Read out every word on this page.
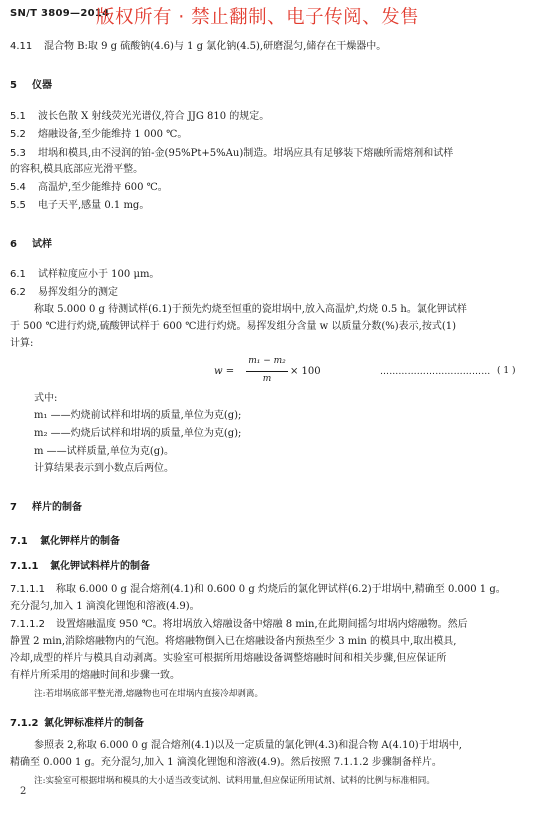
SN/T 3809—2014
版权所有 · 禁止翻制、电子传阅、发售
4.11 混合物 B:取 9 g 硫酸钠(4.6)与 1 g 氯化钠(4.5),研磨混匀,储存在干燥器中。
5 仪器
5.1 波长色散 X 射线荧光光谱仪,符合 JJG 810 的规定。
5.2 熔融设备,至少能维持 1 000 ℃。
5.3 坩埚和模具,由不浸润的铂-金(95%Pt+5%Au)制造。坩埚应具有足够装下熔融所需熔剂和试样
的容积,模具底部应光滑平整。
5.4 高温炉,至少能维持 600 ℃。
5.5 电子天平,感量 0.1 mg。
6 试样
6.1 试样粒度应小于 100 μm。
6.2 易挥发组分的测定
称取 5.000 0 g 待测试样(6.1)于预先灼烧至恒重的瓷坩埚中,放入高温炉,灼烧 0.5 h。氯化钾试样
于 500 ℃进行灼烧,硫酸钾试样于 600 ℃进行灼烧。易挥发组分含量 w 以质量分数(%)表示,按式(1)
计算:
w =
m₁ − m₂
m
× 100	……………………………… ( 1 )
式中:
m₁ ——灼烧前试样和坩埚的质量,单位为克(g);
m₂ ——灼烧后试样和坩埚的质量,单位为克(g);
m ——试样质量,单位为克(g)。
计算结果表示到小数点后两位。
7 样片的制备
7.1 氯化钾样片的制备
7.1.1 氯化钾试料样片的制备
7.1.1.1 称取 6.000 0 g 混合熔剂(4.1)和 0.600 0 g 灼烧后的氯化钾试样(6.2)于坩埚中,精确至 0.000 1 g。
充分混匀,加入 1 滴溴化锂饱和溶液(4.9)。
7.1.1.2 设置熔融温度 950 ℃。将坩埚放入熔融设备中熔融 8 min,在此期间摇匀坩埚内熔融物。然后
静置 2 min,消除熔融物内的气泡。将熔融物倒入已在熔融设备内预热至少 3 min 的模具中,取出模具,
冷却,成型的样片与模具自动剥离。实验室可根据所用熔融设备调整熔融时间和相关步骤,但应保证所
有样片所采用的熔融时间和步骤一致。
注:若坩埚底部平整光滑,熔融物也可在坩埚内直接冷却剥离。
7.1.2 氯化钾标准样片的制备
参照表 2,称取 6.000 0 g 混合熔剂(4.1)以及一定质量的氯化钾(4.3)和混合物 A(4.10)于坩埚中,
精确至 0.000 1 g。充分混匀,加入 1 滴溴化锂饱和溶液(4.9)。然后按照 7.1.1.2 步骤制备样片。
注:实验室可根据坩埚和模具的大小适当改变试剂、试料用量,但应保证所用试剂、试料的比例与标准相同。
2
